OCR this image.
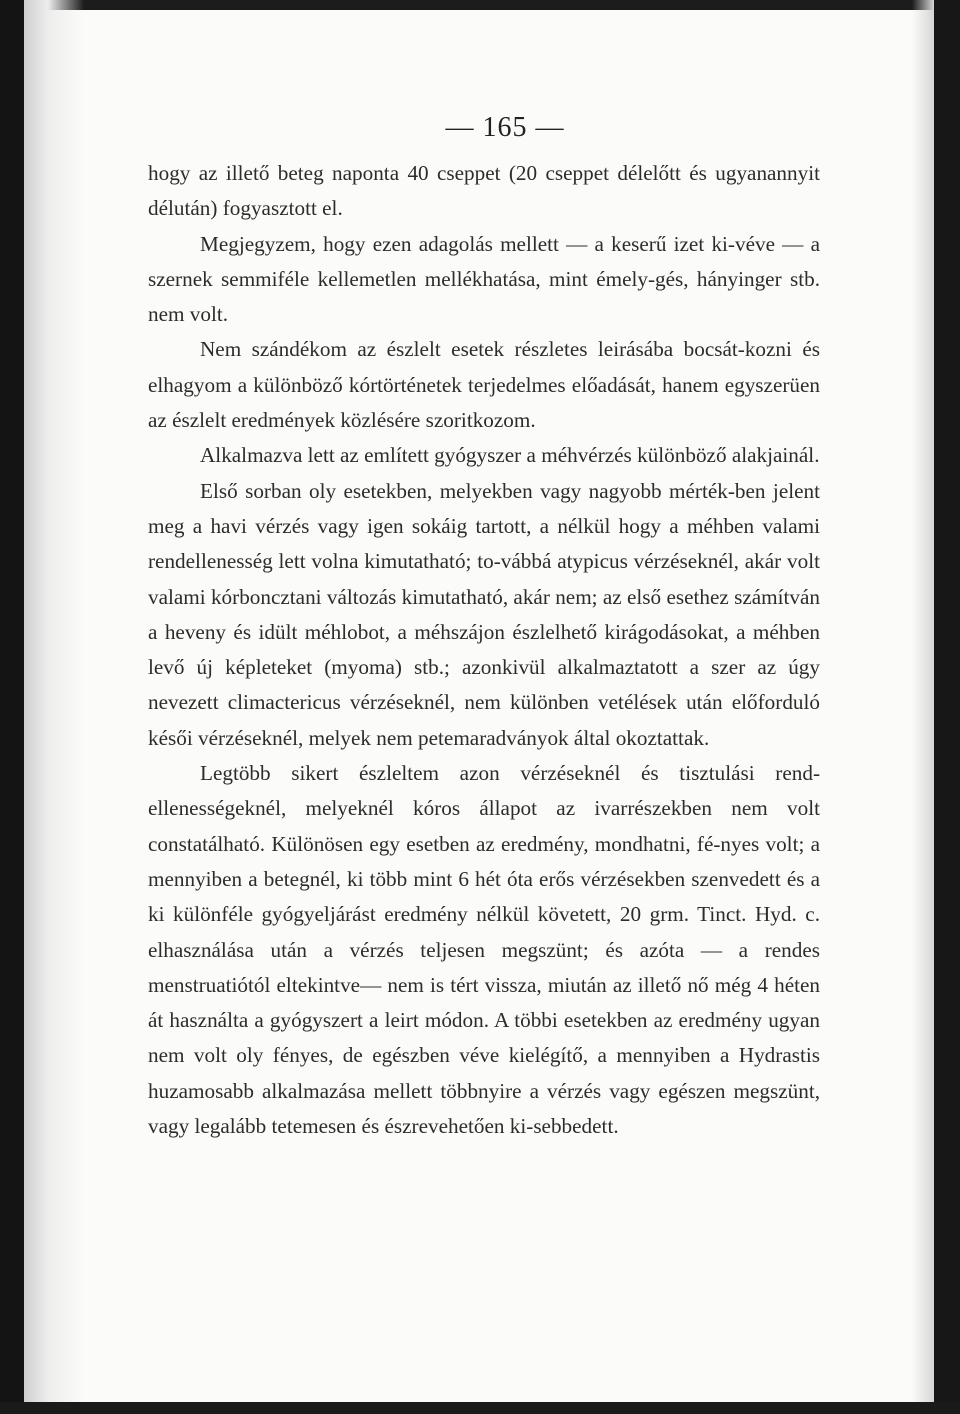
— 165 —

hogy az illető beteg naponta 40 cseppet (20 cseppet délelőtt és ugyanannyit délután) fogyasztott el.

Megjegyzem, hogy ezen adagolás mellett — a keserű izet ki-vévе — a szernek semmiféle kellemetlen mellékhatása, mint émely-gés, hányinger stb. nem volt.

Nem szándékom az észlelt esetek részletes leirásába bocsát-kozni és elhagyom a különböző kórtörténetek terjedelmes előadását, hanem egyszerüen az észlelt eredmények közlésére szoritkozom.

Alkalmazva lett az említett gyógyszer a méhvérzés különböző alakjainál.

Első sorban oly esetekben, melyekben vagy nagyobb mérték-ben jelent meg a havi vérzés vagy igen sokáig tartott, a nélkül hogy a méhben valami rendellenesség lett volna kimutatható; to-vábbá atypicus vérzéseknél, akár volt valami kórboncztani változás kimutatható, akár nem; az első esethez számítván a heveny és idült méhlobot, a méhszájon észlelhető kirágodásokat, a méhben levő új képleteket (myoma) stb.; azonkivül alkalmaztatott a szer az úgy nevezett climactericus vérzéseknél, nem különben vetélések után előforduló késői vérzéseknél, melyek nem petemaradványok által okoztattak.

Legtöbb sikert észleltem azon vérzéseknél és tisztulási rend-ellenességeknél, melyeknél kóros állapot az ivarrészekben nem volt constatálható. Különösen egy esetben az eredmény, mondhatni, fé-nyes volt; a mennyiben a betegnél, ki több mint 6 hét óta erős vérzésekben szenvedett és a ki különféle gyógyeljárást eredmény nélkül követett, 20 grm. Tinct. Hyd. c. elhasználása után a vérzés teljesen megszünt; és azóta — a rendes menstruatiótól eltekintve— nem is tért vissza, miután az illető nő még 4 héten át használta a gyógyszert a leirt módon. A többi esetekben az eredmény ugyan nem volt oly fényes, de egészben véve kielégítő, a mennyiben a Hydrastis huzamosabb alkalmazása mellett többnyire a vérzés vagy egészen megszünt, vagy legalább tetemesen és észrevehetően ki-sebbedett.
